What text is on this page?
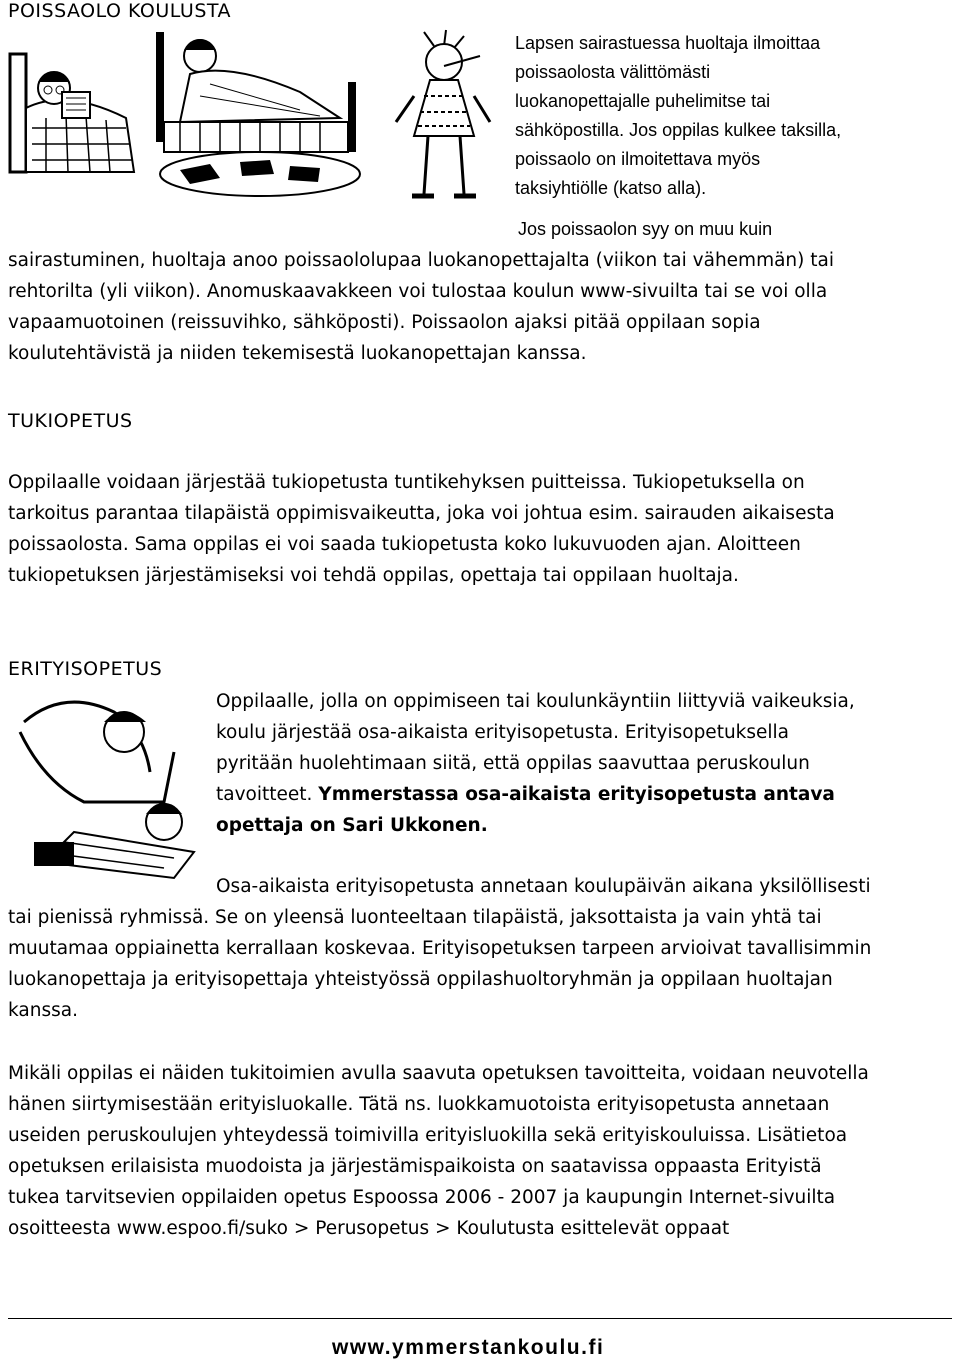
POISSAOLO KOULUSTA
Lapsen sairastuessa huoltaja ilmoittaa
poissaolosta välittömästi
luokanopettajalle puhelimitse tai
sähköpostilla. Jos oppilas kulkee taksilla,
poissaolo on ilmoitettava myös
taksiyhtiölle (katso alla).
Jos poissaolon syy on muu kuin
sairastuminen, huoltaja anoo poissaololupaa luokanopettajalta (viikon tai vähemmän) tai
rehtorilta (yli viikon). Anomuskaavakkeen voi tulostaa koulun www-sivuilta tai se voi olla
vapaamuotoinen (reissuvihko, sähköposti). Poissaolon ajaksi pitää oppilaan sopia
koulutehtävistä ja niiden tekemisestä luokanopettajan kanssa.
TUKIOPETUS
Oppilaalle voidaan järjestää tukiopetusta tuntikehyksen puitteissa. Tukiopetuksella on
tarkoitus parantaa tilapäistä oppimisvaikeutta, joka voi johtua esim. sairauden aikaisesta
poissaolosta. Sama oppilas ei voi saada tukiopetusta koko lukuvuoden ajan. Aloitteen
tukiopetuksen järjestämiseksi voi tehdä oppilas, opettaja tai oppilaan huoltaja.
ERITYISOPETUS
Oppilaalle, jolla on oppimiseen tai koulunkäyntiin liittyviä vaikeuksia,
koulu järjestää osa-aikaista erityisopetusta. Erityisopetuksella
pyritään huolehtimaan siitä, että oppilas saavuttaa peruskoulun
tavoitteet. Ymmerstassa osa-aikaista erityisopetusta antava
opettaja on Sari Ukkonen.
Osa-aikaista erityisopetusta annetaan koulupäivän aikana yksilöllisesti
tai pienissä ryhmissä. Se on yleensä luonteeltaan tilapäistä, jaksottaista ja vain yhtä tai
muutamaa oppiainetta kerrallaan koskevaa. Erityisopetuksen tarpeen arvioivat tavallisimmin
luokanopettaja ja erityisopettaja yhteistyössä oppilashuoltoryhmän ja oppilaan huoltajan
kanssa.
Mikäli oppilas ei näiden tukitoimien avulla saavuta opetuksen tavoitteita, voidaan neuvotella
hänen siirtymisestään erityisluokalle. Tätä ns. luokkamuotoista erityisopetusta annetaan
useiden peruskoulujen yhteydessä toimivilla erityisluokilla sekä erityiskouluissa. Lisätietoa
opetuksen erilaisista muodoista ja järjestämispaikoista on saatavissa oppaasta Erityistä
tukea tarvitsevien oppilaiden opetus Espoossa 2006 - 2007 ja kaupungin Internet-sivuilta
osoitteesta www.espoo.fi/suko > Perusopetus > Koulutusta esittelevät oppaat
www.ymmerstankoulu.fi
